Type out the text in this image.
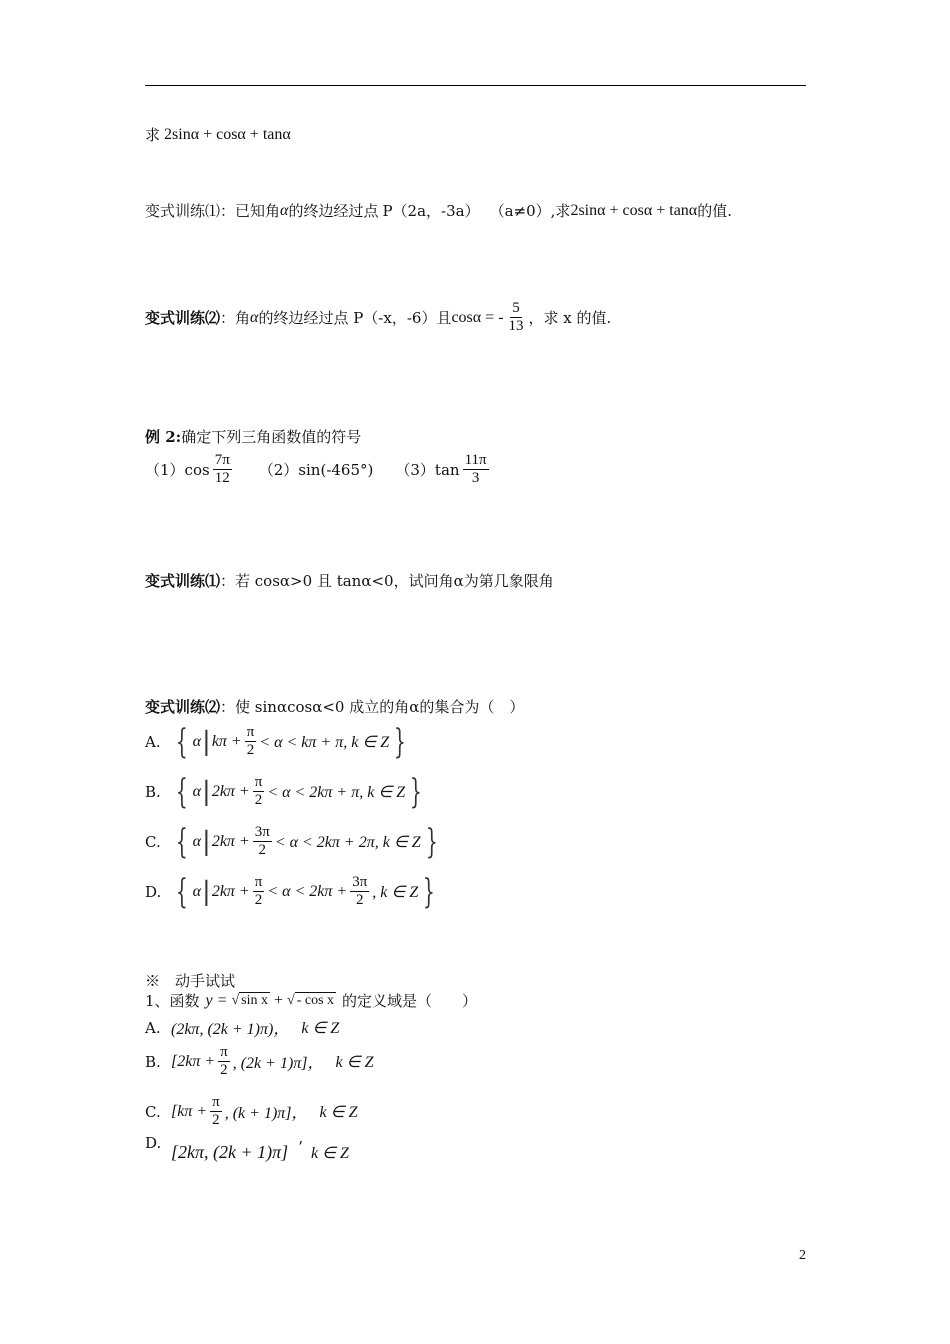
求 2sinα + cosα + tanα
变式训练⑴ ：已知角 α 的终边经过点 P（2a，-3a） （a≠0）, 求 2sinα + cosα + tanα 的值.
变式训练⑵ ：角 α 的终边经过点 P（-x，-6）且 cosα = - $\frac{5}{13}$ ，求 x 的值.
例 2: 确定下列三角函数值的符号
$(1)\cos \frac{7\pi}{12} (2)\sin(-465^\circ)$ $(3)\tan \frac{11\pi}{3}$
变式训练⑴ ：若 cosα>0 且 tanα<0，试问角α为第几象限角
变式训练⑵ ：使 sinαcosα<0 成立的角α的集合为（　）
A. { α | $k\pi + \frac{\pi}{2} < \alpha < k\pi + \pi$, k ∈ Z }
B. { α | $2k\pi + \frac{\pi}{2} < \alpha < 2k\pi + \pi$, k ∈ Z }
C. { α | $2k\pi + \frac{3\pi}{2} < \alpha < 2k\pi + 2\pi$, k ∈ Z }
D. { α | $2k\pi + \frac{\pi}{2} < \alpha < 2k\pi + \frac{3\pi}{2}$ , k ∈ Z }
※　动手试试
1、函数 y = √ sin x + √ - cos x 的定义域是（　　）
A. (2kπ, (2k + 1)π)， k ∈ Z
B. [$2k\pi + \frac{\pi}{2}$ , (2k + 1)π]， k ∈ Z
C. [$k\pi + \frac{\pi}{2}$ , (k + 1)π]， k ∈ Z
D. [2kπ, (2k + 1)π] ’ k ∈ Z
2
